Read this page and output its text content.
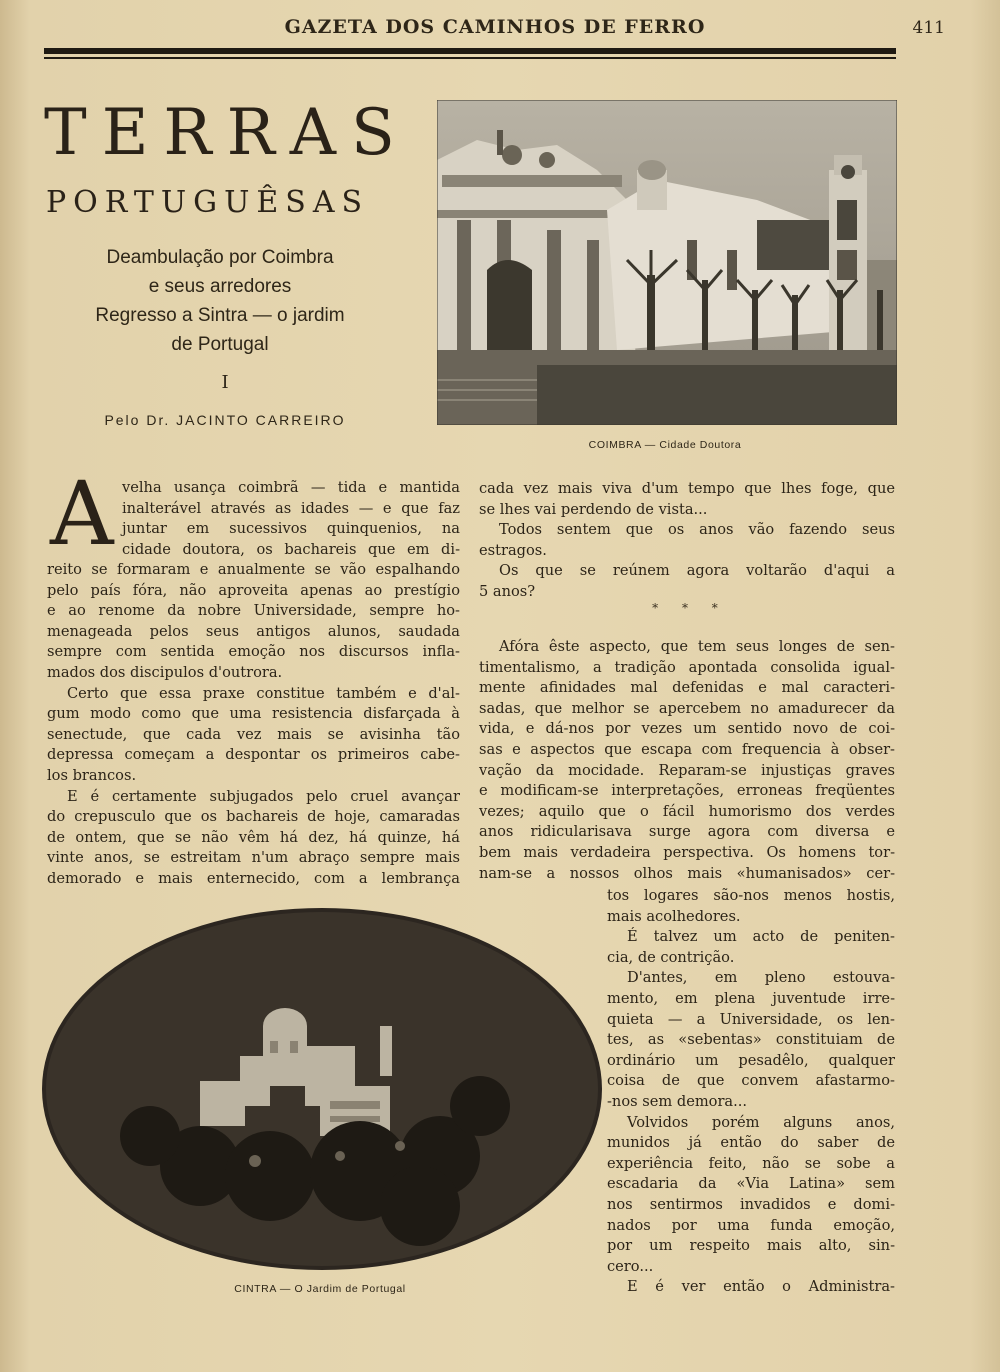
GAZETA DOS CAMINHOS DE FERRO	411
TERRAS
PORTUGUÊSAS
Deambulação por Coimbra
e seus arredores
Regresso a Sintra — o jardim
de Portugal
I
Pelo Dr. JACINTO CARREIRO
COIMBRA — Cidade Doutora
CINTRA — O Jardim de Portugal
A velha usança coimbrã — tida e mantida
inalterável através as idades — e que faz
juntar em sucessivos quinquenios, na
cidade doutora, os bachareis que em di-
reito se formaram e anualmente se vão espalhando
pelo país fóra, não aproveita apenas ao prestígio
e ao renome da nobre Universidade, sempre ho-
menageada pelos seus antigos alunos, saudada
sempre com sentida emoção nos discursos infla-
mados dos discipulos d'outrora.
Certo que essa praxe constitue também e d'al-
gum modo como que uma resistencia disfarçada à
senectude, que cada vez mais se avisinha tão
depressa começam a despontar os primeiros cabe-
los brancos.
E é certamente subjugados pelo cruel avançar
do crepusculo que os bachareis de hoje, camaradas
de ontem, que se não vêm há dez, há quinze, há
vinte anos, se estreitam n'um abraço sempre mais
demorado e mais enternecido, com a lembrança
cada vez mais viva d'um tempo que lhes foge, que
se lhes vai perdendo de vista...
Todos sentem que os anos vão fazendo seus
estragos.
Os que se reúnem agora voltarão d'aqui a
5 anos?
* * *
Afóra êste aspecto, que tem seus longes de sen-
timentalismo, a tradição apontada consolida igual-
mente afinidades mal defenidas e mal caracteri-
sadas, que melhor se apercebem no amadurecer da
vida, e dá-nos por vezes um sentido novo de coi-
sas e aspectos que escapa com frequencia à obser-
vação da mocidade. Reparam-se injustiças graves
e modificam-se interpretações, erroneas freqüentes
vezes; aquilo que o fácil humorismo dos verdes
anos ridicularisava surge agora com diversa e
bem mais verdadeira perspectiva. Os homens tor-
nam-se a nossos olhos mais «humanisados» cer-
tos logares são-nos menos hostis,
mais acolhedores.
É talvez um acto de peniten-
cia, de contrição.
D'antes, em pleno estouva-
mento, em plena juventude irre-
quieta — a Universidade, os len-
tes, as «sebentas» constituiam de
ordinário um pesadêlo, qualquer
coisa de que convem afastarmo-
-nos sem demora...
Volvidos porém alguns anos,
munidos já então do saber de
experiência feito, não se sobe a
escadaria da «Via Latina» sem
nos sentirmos invadidos e domi-
nados por uma funda emoção,
por um respeito mais alto, sin-
cero...
E é ver então o Administra-
